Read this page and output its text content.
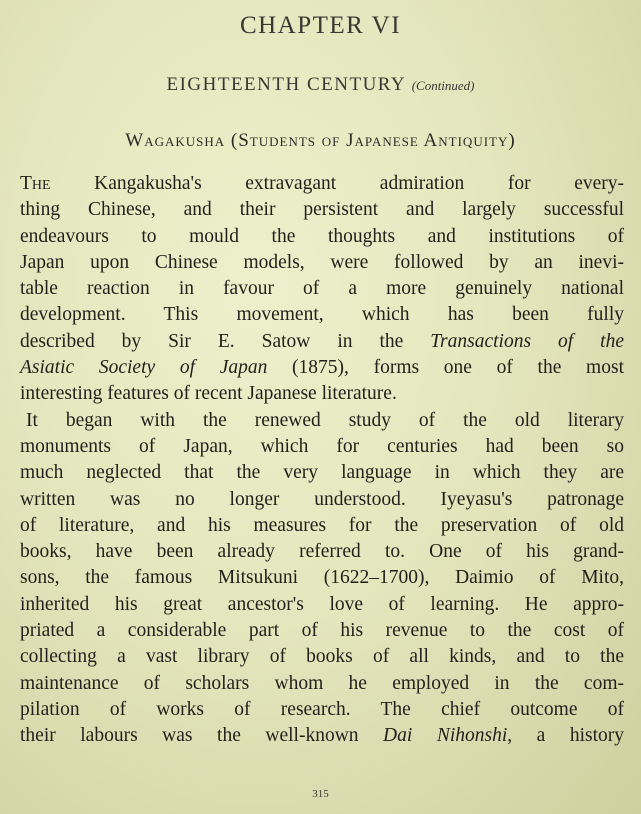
CHAPTER VI
EIGHTEENTH CENTURY (Continued)
Wagakusha (Students of Japanese Antiquity)
The Kangakusha's extravagant admiration for every-
thing Chinese, and their persistent and largely successful
endeavours to mould the thoughts and institutions of
Japan upon Chinese models, were followed by an inevi-
table reaction in favour of a more genuinely national
development. This movement, which has been fully
described by Sir E. Satow in the Transactions of the
Asiatic Society of Japan (1875), forms one of the most
interesting features of recent Japanese literature.
It began with the renewed study of the old literary
monuments of Japan, which for centuries had been so
much neglected that the very language in which they are
written was no longer understood. Iyeyasu's patronage
of literature, and his measures for the preservation of old
books, have been already referred to. One of his grand-
sons, the famous Mitsukuni (1622–1700), Daimio of Mito,
inherited his great ancestor's love of learning. He appro-
priated a considerable part of his revenue to the cost of
collecting a vast library of books of all kinds, and to the
maintenance of scholars whom he employed in the com-
pilation of works of research. The chief outcome of
their labours was the well-known Dai Nihonshi, a history
315
